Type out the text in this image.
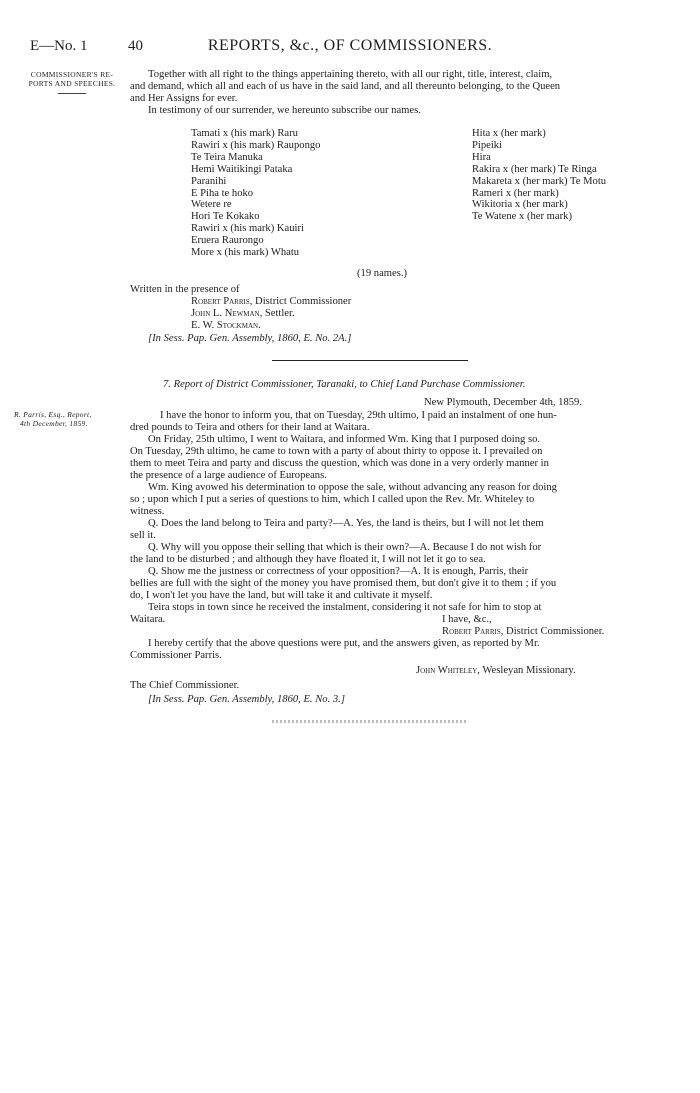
E—No. 1	40	REPORTS, &c., OF COMMISSIONERS.
COMMISSIONER'S RE-
PORTS AND SPEECHES.
Together with all right to the things appertaining thereto, with all our right, title, interest, claim,
and demand, which all and each of us have in the said land, and all thereunto belonging, to the Queen
and Her Assigns for ever.
In testimony of our surrender, we hereunto subscribe our names.
Tamati x (his mark) Raru
Rawiri x (his mark) Raupongo
Te Teira Manuka
Hemi Waitikingi Pataka
Paranihi
E Piha te hoko
Wetere re
Hori Te Kokako
Rawiri x (his mark) Kauiri
Eruera Raurongo
More x (his mark) Whatu
Hita x (her mark)
Pipeiki
Hira
Rakira x (her mark) Te Ringa
Makareta x (her mark) Te Motu
Rameri x (her mark)
Wikitoria x (her mark)
Te Watene x (her mark)
(19 names.)
Written in the presence of
Robert Parris, District Commissioner
John L. Newman, Settler.
E. W. Stockman.
[In Sess. Pap. Gen. Assembly, 1860, E. No. 2A.]
7. Report of District Commissioner, Taranaki, to Chief Land Purchase Commissioner.
New Plymouth, December 4th, 1859.
R. Parris, Esq., Report,
4th December, 1859.
I have the honor to inform you, that on Tuesday, 29th ultimo, I paid an instalment of one hun-
dred pounds to Teira and others for their land at Waitara.
On Friday, 25th ultimo, I went to Waitara, and informed Wm. King that I purposed doing so.
On Tuesday, 29th ultimo, he came to town with a party of about thirty to oppose it. I prevailed on
them to meet Teira and party and discuss the question, which was done in a very orderly manner in
the presence of a large audience of Europeans.
Wm. King avowed his determination to oppose the sale, without advancing any reason for doing
so ; upon which I put a series of questions to him, which I called upon the Rev. Mr. Whiteley to
witness.
Q. Does the land belong to Teira and party?—A. Yes, the land is theirs, but I will not let them
sell it.
Q. Why will you oppose their selling that which is their own?—A. Because I do not wish for
the land to be disturbed ; and although they have floated it, I will not let it go to sea.
Q. Show me the justness or correctness of your opposition?—A. It is enough, Parris, their
bellies are full with the sight of the money you have promised them, but don't give it to them ; if you
do, I won't let you have the land, but will take it and cultivate it myself.
Teira stops in town since he received the instalment, considering it not safe for him to stop at
Waitara.	I have, &c.,
Robert Parris, District Commissioner.
I hereby certify that the above questions were put, and the answers given, as reported by Mr.
Commissioner Parris.
John Whiteley, Wesleyan Missionary.
The Chief Commissioner.
[In Sess. Pap. Gen. Assembly, 1860, E. No. 3.]
